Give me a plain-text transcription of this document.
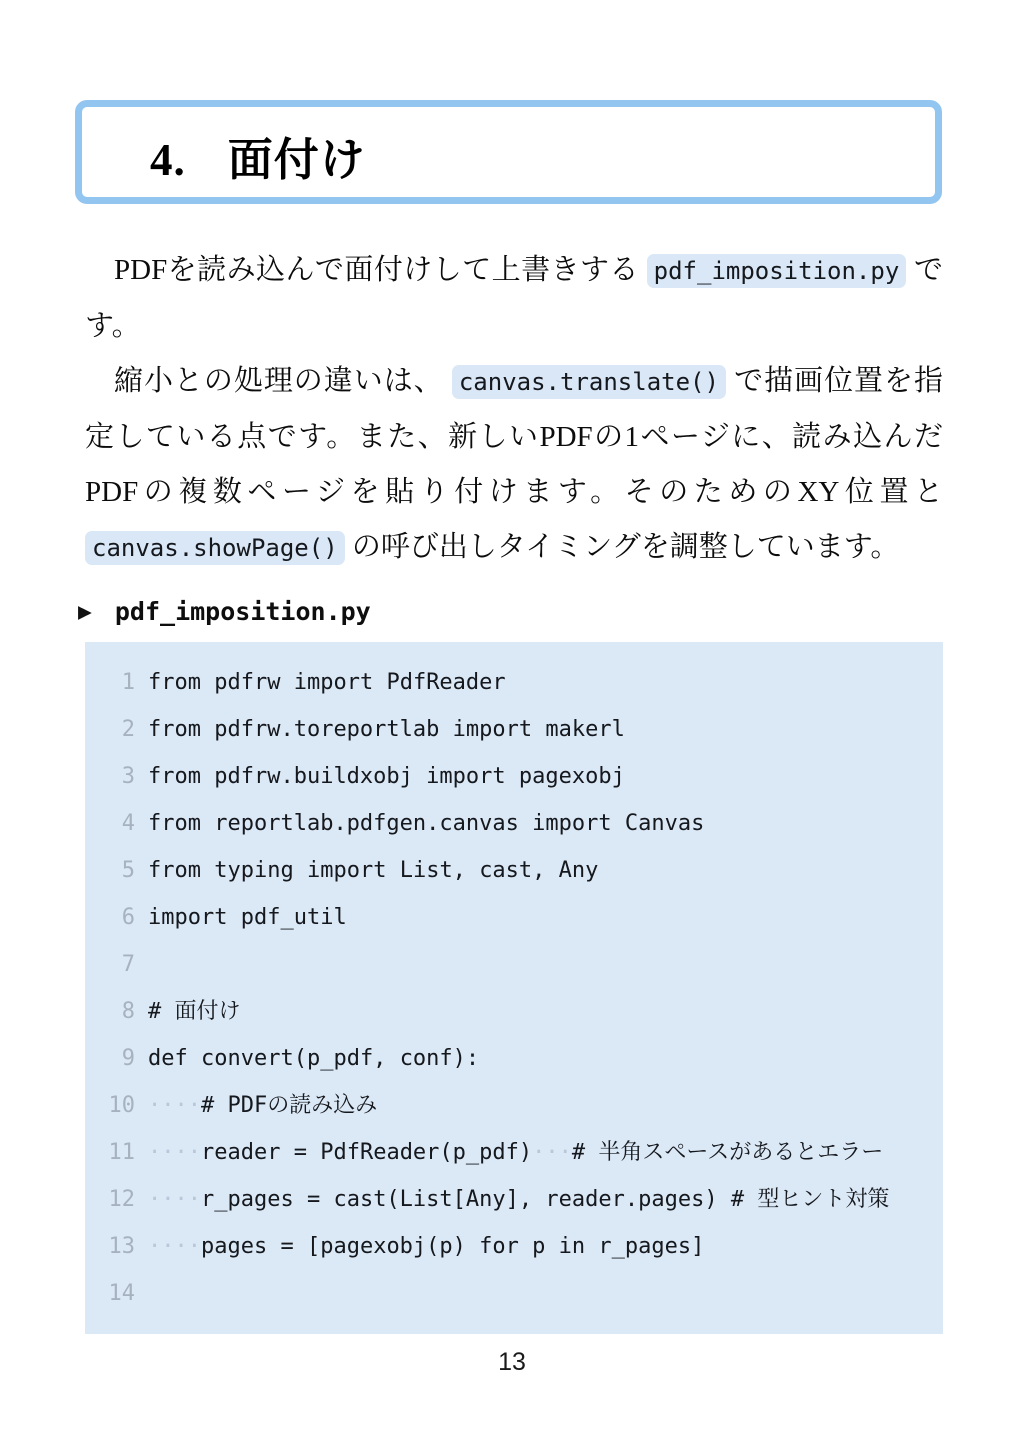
4. 面付け

PDFを読み込んで面付けして上書きする pdf_imposition.py です。

縮小との処理の違いは、 canvas.translate() で描画位置を指定している点です。また、新しいPDFの1ページに、読み込んだPDFの複数ページを貼り付けます。そのためのXY位置と canvas.showPage() の呼び出しタイミングを調整しています。

▶ pdf_imposition.py
1 from pdfrw import PdfReader
2 from pdfrw.toreportlab import makerl
3 from pdfrw.buildxobj import pagexobj
4 from reportlab.pdfgen.canvas import Canvas
5 from typing import List, cast, Any
6 import pdf_util
7
8 # 面付け
9 def convert(p_pdf, conf):
10 ····# PDFの読み込み
11 ····reader = PdfReader(p_pdf)···# 半角スペースがあるとエラー
12 ····r_pages = cast(List[Any], reader.pages) # 型ヒント対策
13 ····pages = [pagexobj(p) for p in r_pages]
14
13
